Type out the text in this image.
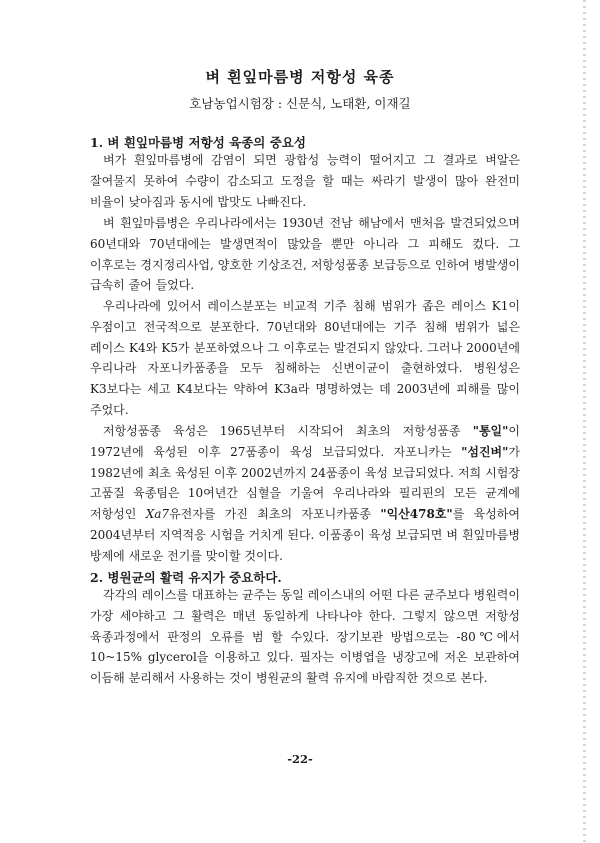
벼 흰잎마름병 저항성 육종
호남농업시험장 : 신문식, 노태환, 이재길
1. 벼 흰잎마름병 저항성 육종의 중요성

벼가 흰잎마름병에 감염이 되면 광합성 능력이 떨어지고 그 결과로 벼알은 잘여물지 못하여 수량이 감소되고 도정을 할 때는 싸라기 발생이 많아 완전미 비율이 낮아짐과 동시에 밥맛도 나빠진다.

벼 흰잎마름병은 우리나라에서는 1930년 전남 해남에서 맨처음 발견되었으며 60년대와 70년대에는 발생면적이 많았을 뿐만 아니라 그 피해도 컸다. 그 이후로는 경지정리사업, 양호한 기상조건, 저항성품종 보급등으로 인하여 병발생이 급속히 줄어 들었다.

우리나라에 있어서 레이스분포는 비교적 기주 침해 범위가 좁은 레이스 K1이 우점이고 전국적으로 분포한다. 70년대와 80년대에는 기주 침해 범위가 넓은 레이스 K4와 K5가 분포하였으나 그 이후로는 발견되지 않았다. 그러나 2000년에 우리나라 자포니카품종을 모두 침해하는 신변이균이 출현하였다. 병원성은 K3보다는 세고 K4보다는 약하여 K3a라 명명하였는 데 2003년에 피해를 많이 주었다.

저항성품종 육성은 1965년부터 시작되어 최초의 저항성품종 "통일"이 1972년에 육성된 이후 27품종이 육성 보급되었다. 자포니카는 "섬진벼"가 1982년에 최초 육성된 이후 2002년까지 24품종이 육성 보급되었다. 저희 시험장 고품질 육종팀은 10여년간 심혈을 기울여 우리나라와 필리핀의 모든 균계에 저항성인 Xa7유전자를 가진 최초의 자포니카품종 "익산478호"를 육성하여 2004년부터 지역적응 시험을 거치게 된다. 이품종이 육성 보급되면 벼 흰잎마름병 방제에 새로운 전기를 맞이할 것이다.

2. 병원균의 활력 유지가 중요하다.

각각의 레이스를 대표하는 균주는 동일 레이스내의 어떤 다른 균주보다 병원력이 가장 세야하고 그 활력은 매년 동일하게 나타나야 한다. 그렇지 않으면 저항성 육종과정에서 판정의 오류를 범 할 수있다. 장기보관 방법으로는 -80℃에서 10~15% glycerol을 이용하고 있다. 필자는 이병엽을 냉장고에 저온 보관하여 이듬해 분리해서 사용하는 것이 병원균의 활력 유지에 바람직한 것으로 본다.

-22-
